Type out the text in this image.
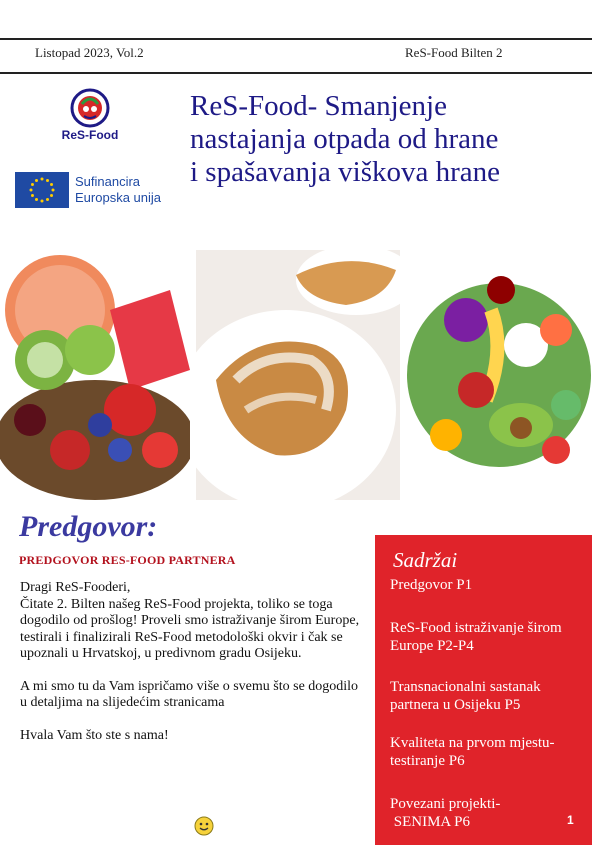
Listopad 2023, Vol.2	ReS-Food Bilten 2
ReS-Food
Sufinancira
Europska unija
ReS-Food- Smanjenje
nastajanja otpada od hrane
i spašavanja viškova hrane
Predgovor:
PREDGOVOR RES-FOOD PARTNERA

Dragi ReS-Fooderi,
Čitate 2. Bilten našeg ReS-Food projekta, toliko se toga dogodilo od prošlog! Proveli smo istraživanje širom Europe, testirali i finalizirali ReS-Food metodološki okvir i čak se upoznali u Hrvatskoj, u predivnom gradu Osijeku.

A mi smo tu da Vam ispričamo više o svemu što se dogodilo u detaljima na slijedećim stranicama

Hvala Vam što ste s nama!

Sadržai
Predgovor P1
ReS-Food istraživanje širom Europe P2-P4
Transnacionalni sastanak partnera u Osijeku P5
Kvaliteta na prvom mjestu-testiranje P6
Povezani projekti- SENIMA P6	1
